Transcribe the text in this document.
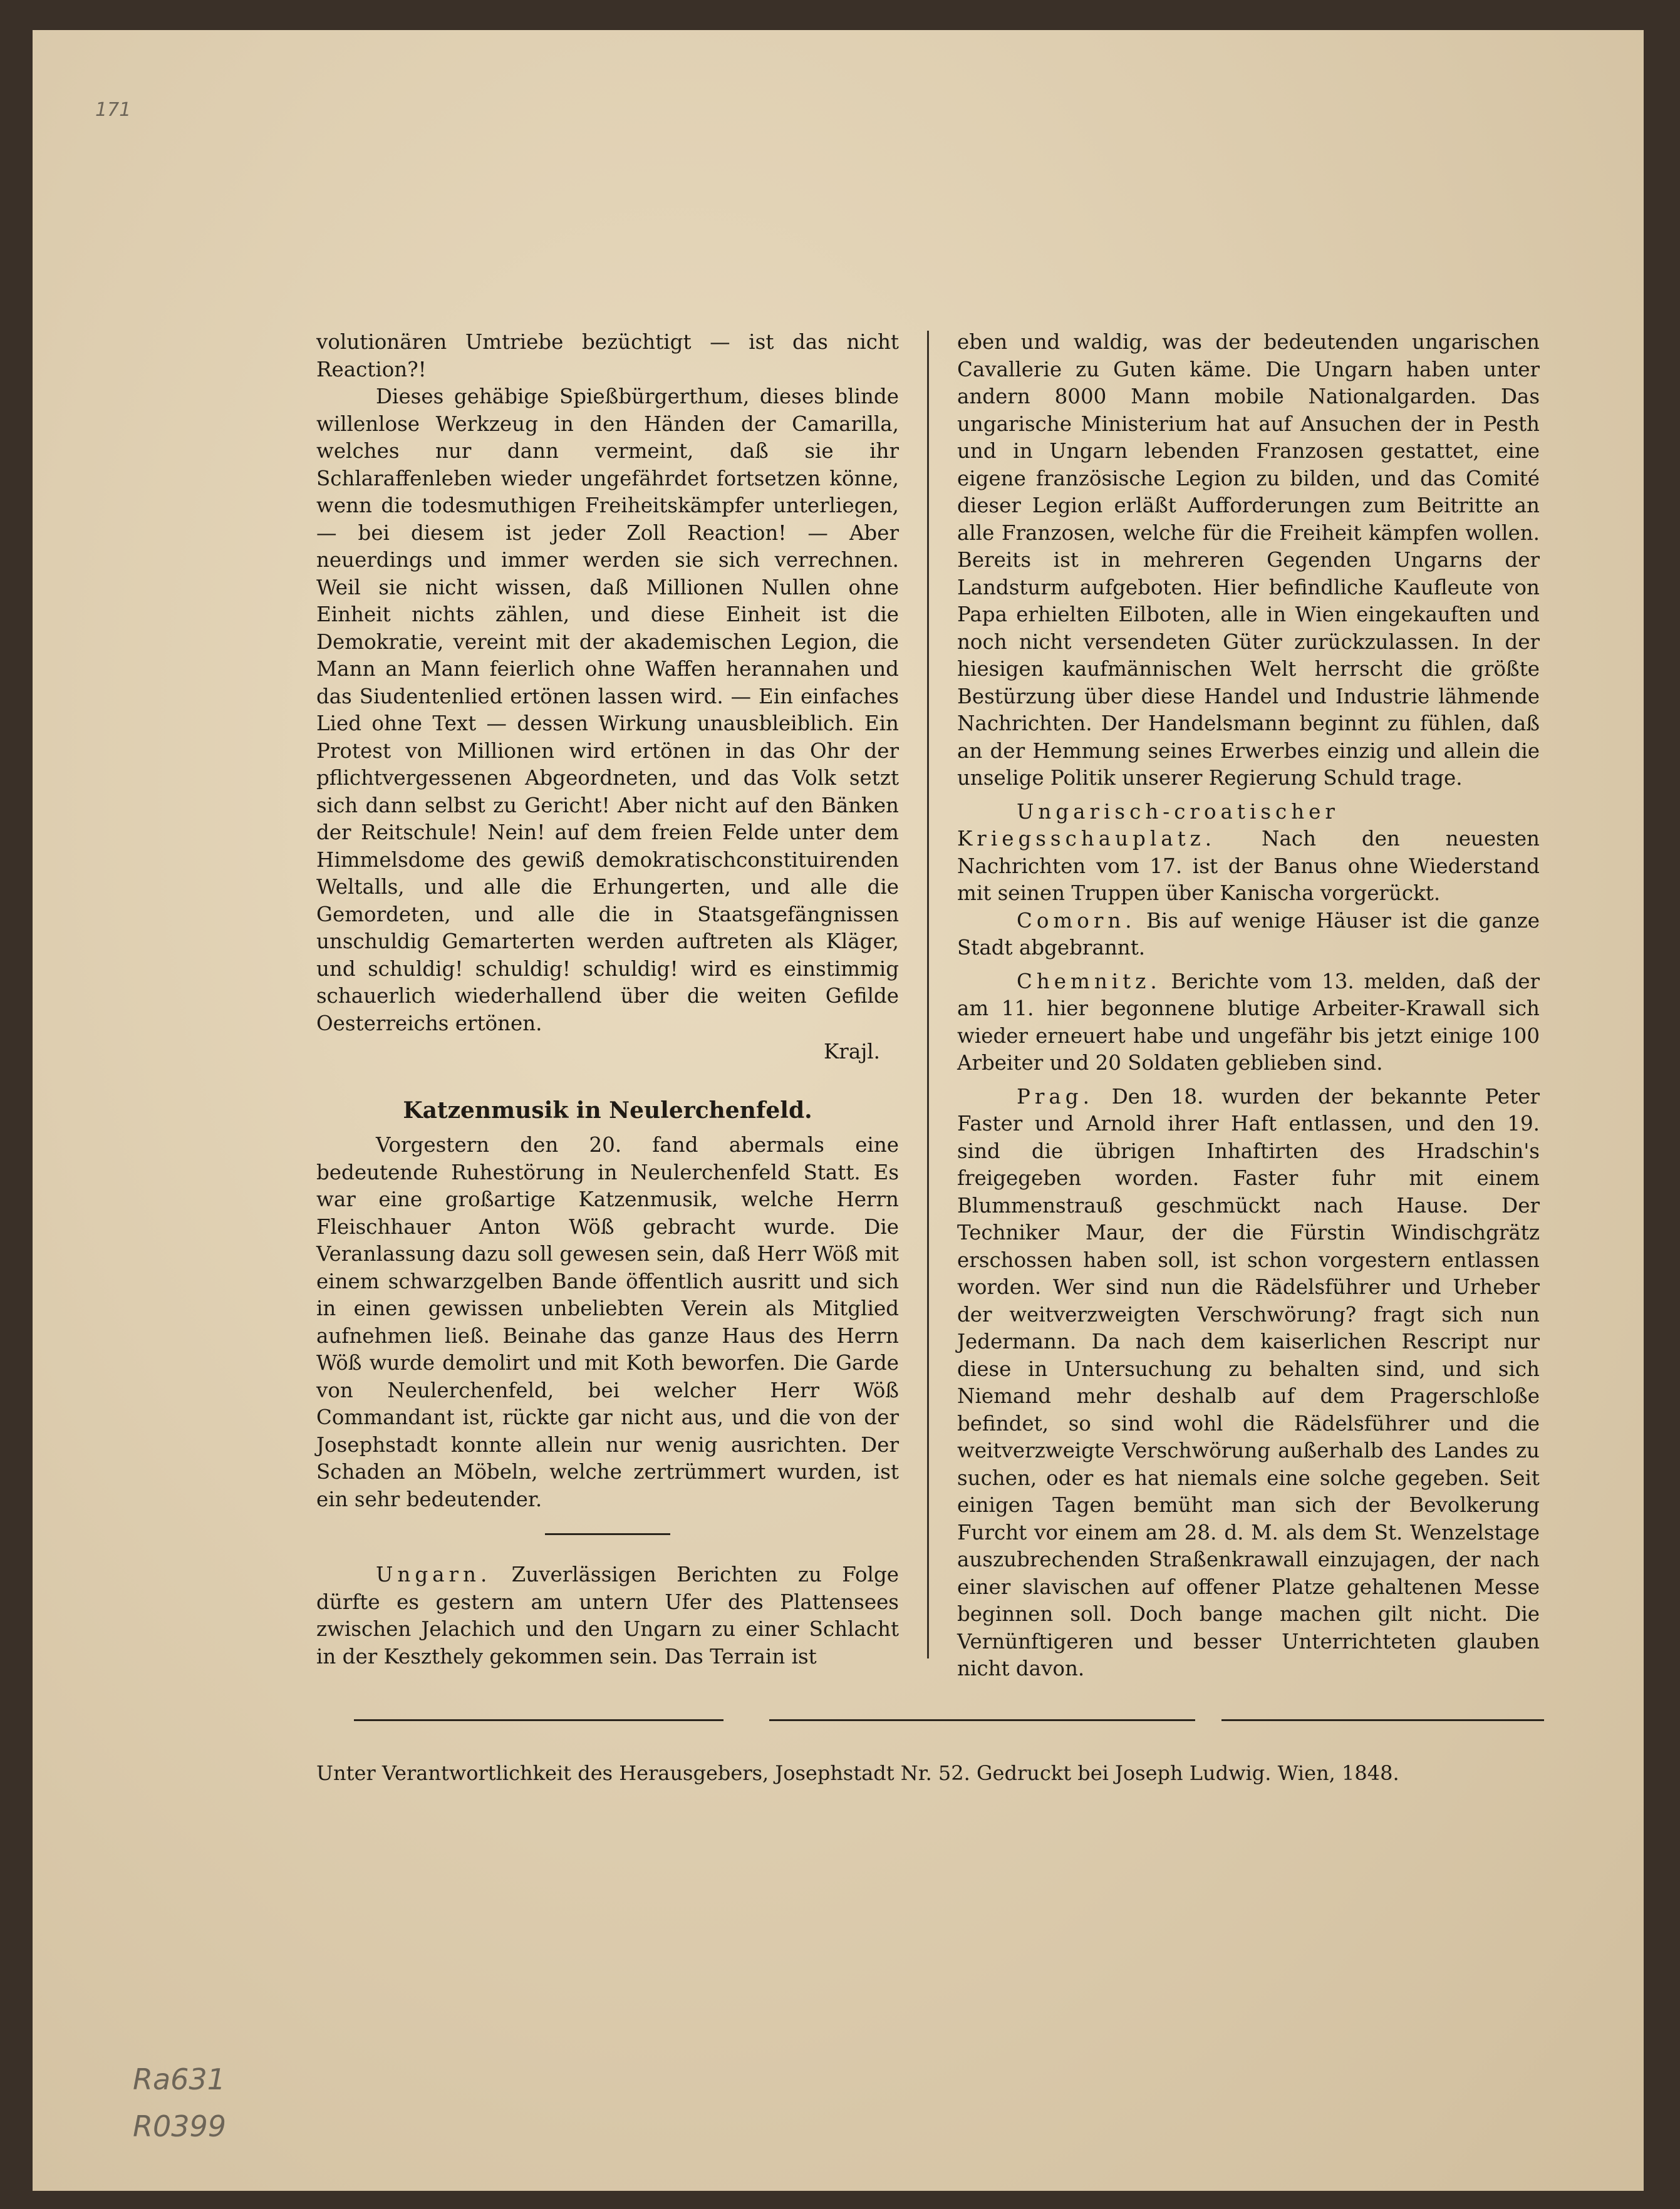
171
Ra631
R0399

volutionären Umtriebe bezüchtigt — ist das nicht Reaction?!

Dieses gehäbige Spießbürgerthum, dieses blinde willenlose Werkzeug in den Händen der Camarilla, welches nur dann vermeint, daß sie ihr Schlaraffenleben wieder ungefährdet fortsetzen könne, wenn die todesmuthigen Freiheitskämpfer unterliegen, — bei diesem ist jeder Zoll Reaction! — Aber neuerdings und immer werden sie sich verrechnen. Weil sie nicht wissen, daß Millionen Nullen ohne Einheit nichts zählen, und diese Einheit ist die Demokratie, vereint mit der akademischen Legion, die Mann an Mann feierlich ohne Waffen herannahen und das Siudentenlied ertönen lassen wird. — Ein einfaches Lied ohne Text — dessen Wirkung unausbleiblich. Ein Protest von Millionen wird ertönen in das Ohr der pflichtvergessenen Abgeordneten, und das Volk setzt sich dann selbst zu Gericht! Aber nicht auf den Bänken der Reitschule! Nein! auf dem freien Felde unter dem Himmelsdome des gewiß demokratischconstituirenden Weltalls, und alle die Erhungerten, und alle die Gemordeten, und alle die in Staatsgefängnissen unschuldig Gemarterten werden auftreten als Kläger, und schuldig! schuldig! schuldig! wird es einstimmig schauerlich wiederhallend über die weiten Gefilde Oesterreichs ertönen.

Krajl.

Katzenmusik in Neulerchenfeld.

Vorgestern den 20. fand abermals eine bedeutende Ruhestörung in Neulerchenfeld Statt. Es war eine großartige Katzenmusik, welche Herrn Fleischhauer Anton Wöß gebracht wurde. Die Veranlassung dazu soll gewesen sein, daß Herr Wöß mit einem schwarzgelben Bande öffentlich ausritt und sich in einen gewissen unbeliebten Verein als Mitglied aufnehmen ließ. Beinahe das ganze Haus des Herrn Wöß wurde demolirt und mit Koth beworfen. Die Garde von Neulerchenfeld, bei welcher Herr Wöß Commandant ist, rückte gar nicht aus, und die von der Josephstadt konnte allein nur wenig ausrichten. Der Schaden an Möbeln, welche zertrümmert wurden, ist ein sehr bedeutender.

Ungarn. Zuverlässigen Berichten zu Folge dürfte es gestern am untern Ufer des Plattensees zwischen Jelachich und den Ungarn zu einer Schlacht in der Keszthely gekommen sein. Das Terrain ist

eben und waldig, was der bedeutenden ungarischen Cavallerie zu Guten käme. Die Ungarn haben unter andern 8000 Mann mobile Nationalgarden. Das ungarische Ministerium hat auf Ansuchen der in Pesth und in Ungarn lebenden Franzosen gestattet, eine eigene französische Legion zu bilden, und das Comité dieser Legion erläßt Aufforderungen zum Beitritte an alle Franzosen, welche für die Freiheit kämpfen wollen. Bereits ist in mehreren Gegenden Ungarns der Landsturm aufgeboten. Hier befindliche Kaufleute von Papa erhielten Eilboten, alle in Wien eingekauften und noch nicht versendeten Güter zurückzulassen. In der hiesigen kaufmännischen Welt herrscht die größte Bestürzung über diese Handel und Industrie lähmende Nachrichten. Der Handelsmann beginnt zu fühlen, daß an der Hemmung seines Erwerbes einzig und allein die unselige Politik unserer Regierung Schuld trage.

Ungarisch-croatischer Kriegsschauplatz. Nach den neuesten Nachrichten vom 17. ist der Banus ohne Wiederstand mit seinen Truppen über Kanischa vorgerückt.

Comorn. Bis auf wenige Häuser ist die ganze Stadt abgebrannt.

Chemnitz. Berichte vom 13. melden, daß der am 11. hier begonnene blutige Arbeiter-Krawall sich wieder erneuert habe und ungefähr bis jetzt einige 100 Arbeiter und 20 Soldaten geblieben sind.

Prag. Den 18. wurden der bekannte Peter Faster und Arnold ihrer Haft entlassen, und den 19. sind die übrigen Inhaftirten des Hradschin's freigegeben worden. Faster fuhr mit einem Blummenstrauß geschmückt nach Hause. Der Techniker Maur, der die Fürstin Windischgrätz erschossen haben soll, ist schon vorgestern entlassen worden. Wer sind nun die Rädelsführer und Urheber der weitverzweigten Verschwörung? fragt sich nun Jedermann. Da nach dem kaiserlichen Rescript nur diese in Untersuchung zu behalten sind, und sich Niemand mehr deshalb auf dem Pragerschloße befindet, so sind wohl die Rädelsführer und die weitverzweigte Verschwörung außerhalb des Landes zu suchen, oder es hat niemals eine solche gegeben. Seit einigen Tagen bemüht man sich der Bevolkerung Furcht vor einem am 28. d. M. als dem St. Wenzelstage auszubrechenden Straßenkrawall einzujagen, der nach einer slavischen auf offener Platze gehaltenen Messe beginnen soll. Doch bange machen gilt nicht. Die Vernünftigeren und besser Unterrichteten glauben nicht davon.

Unter Verantwortlichkeit des Herausgebers, Josephstadt Nr. 52. Gedruckt bei Joseph Ludwig. Wien, 1848.
